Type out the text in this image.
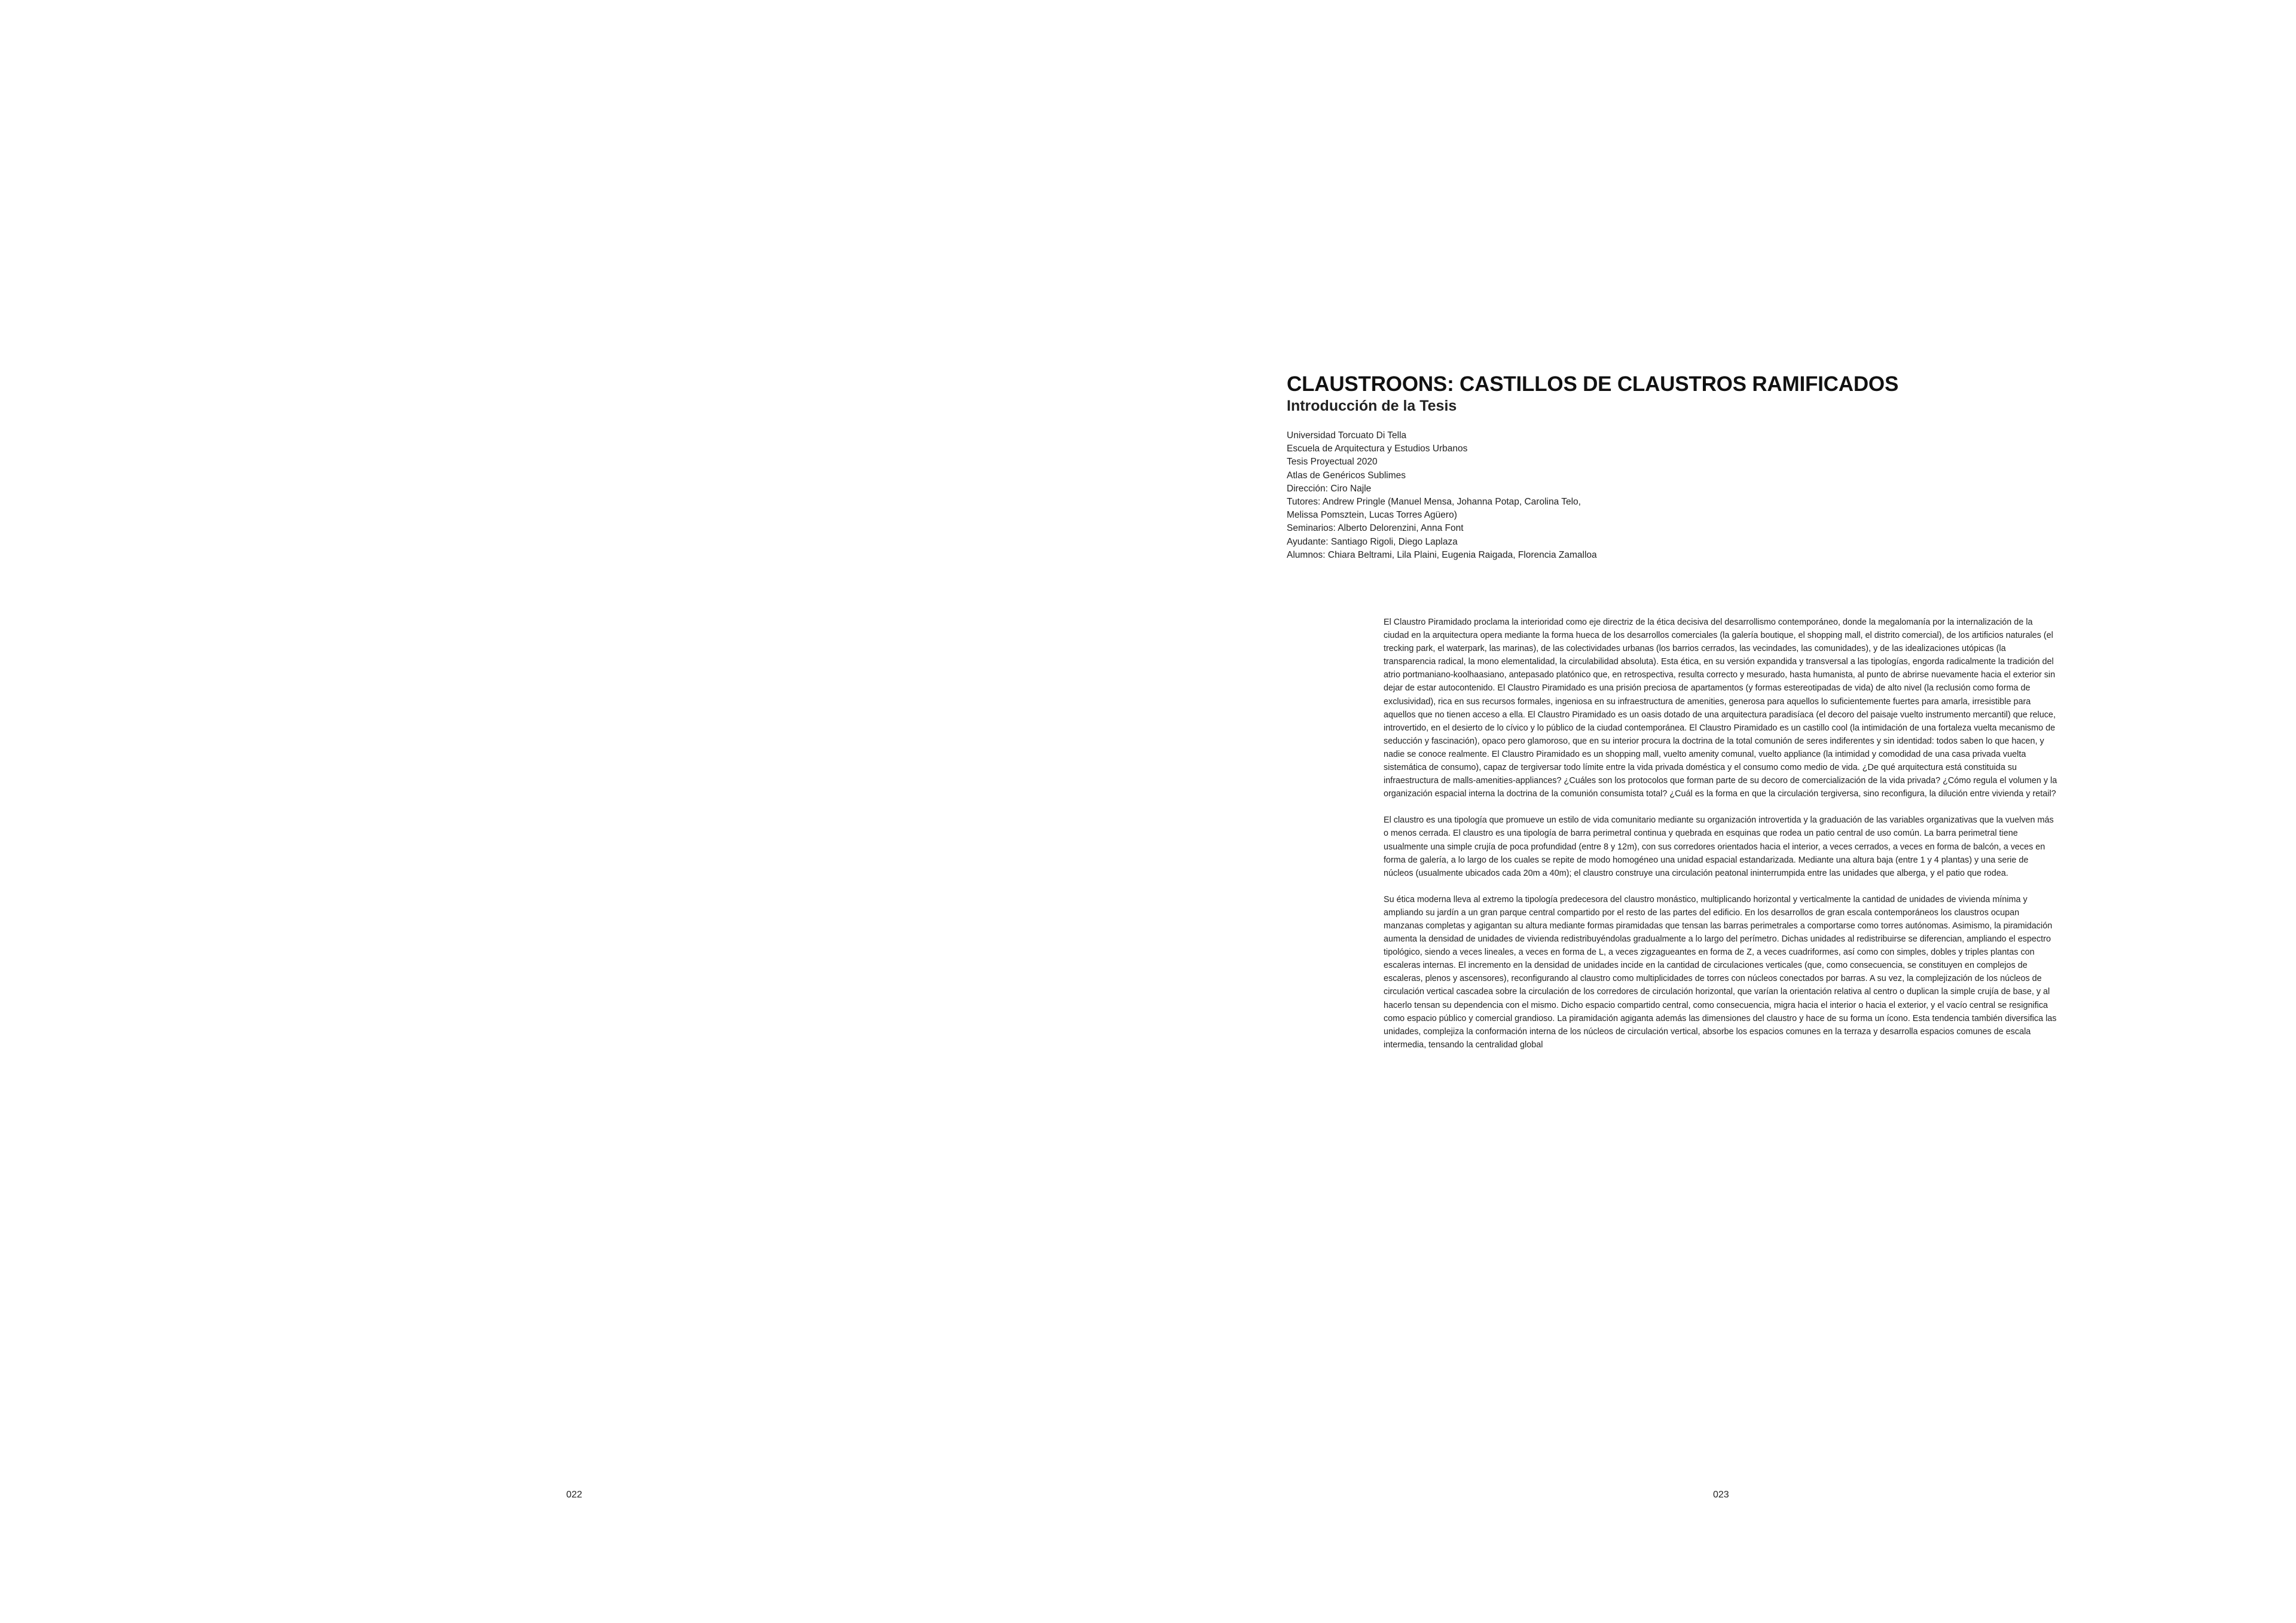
CLAUSTROONS: CASTILLOS DE CLAUSTROS RAMIFICADOS
Introducción de la Tesis
Universidad Torcuato Di Tella
Escuela de Arquitectura y Estudios Urbanos
Tesis Proyectual 2020
Atlas de Genéricos Sublimes
Dirección: Ciro Najle
Tutores: Andrew Pringle (Manuel Mensa, Johanna Potap, Carolina Telo,
Melissa Pomsztein, Lucas Torres Agüero)
Seminarios: Alberto Delorenzini, Anna Font
Ayudante: Santiago Rigoli, Diego Laplaza
Alumnos: Chiara Beltrami, Lila Plaini, Eugenia Raigada, Florencia Zamalloa

El Claustro Piramidado proclama la interioridad como eje directriz de la ética decisiva del desarrollismo contemporáneo, donde la megalomanía por la internalización de la ciudad en la arquitectura opera mediante la forma hueca de los desarrollos comerciales (la galería boutique, el shopping mall, el distrito comercial), de los artificios naturales (el trecking park, el waterpark, las marinas), de las colectividades urbanas (los barrios cerrados, las vecindades, las comunidades), y de las idealizaciones utópicas (la transparencia radical, la mono elementalidad, la circulabilidad absoluta). Esta ética, en su versión expandida y transversal a las tipologías, engorda radicalmente la tradición del atrio portmaniano-koolhaasiano, antepasado platónico que, en retrospectiva, resulta correcto y mesurado, hasta humanista, al punto de abrirse nuevamente hacia el exterior sin dejar de estar autocontenido. El Claustro Piramidado es una prisión preciosa de apartamentos (y formas estereotipadas de vida) de alto nivel (la reclusión como forma de exclusividad), rica en sus recursos formales, ingeniosa en su infraestructura de amenities, generosa para aquellos lo suficientemente fuertes para amarla, irresistible para aquellos que no tienen acceso a ella. El Claustro Piramidado es un oasis dotado de una arquitectura paradisíaca (el decoro del paisaje vuelto instrumento mercantil) que reluce, introvertido, en el desierto de lo cívico y lo público de la ciudad contemporánea. El Claustro Piramidado es un castillo cool (la intimidación de una fortaleza vuelta mecanismo de seducción y fascinación), opaco pero glamoroso, que en su interior procura la doctrina de la total comunión de seres indiferentes y sin identidad: todos saben lo que hacen, y nadie se conoce realmente. El Claustro Piramidado es un shopping mall, vuelto amenity comunal, vuelto appliance (la intimidad y comodidad de una casa privada vuelta sistemática de consumo), capaz de tergiversar todo límite entre la vida privada doméstica y el consumo como medio de vida. ¿De qué arquitectura está constituida su infraestructura de malls-amenities-appliances? ¿Cuáles son los protocolos que forman parte de su decoro de comercialización de la vida privada? ¿Cómo regula el volumen y la organización espacial interna la doctrina de la comunión consumista total? ¿Cuál es la forma en que la circulación tergiversa, sino reconfigura, la dilución entre vivienda y retail?

El claustro es una tipología que promueve un estilo de vida comunitario mediante su organización introvertida y la graduación de las variables organizativas que la vuelven más o menos cerrada. El claustro es una tipología de barra perimetral continua y quebrada en esquinas que rodea un patio central de uso común. La barra perimetral tiene usualmente una simple crujía de poca profundidad (entre 8 y 12m), con sus corredores orientados hacia el interior, a veces cerrados, a veces en forma de balcón, a veces en forma de galería, a lo largo de los cuales se repite de modo homogéneo una unidad espacial estandarizada. Mediante una altura baja (entre 1 y 4 plantas) y una serie de núcleos (usualmente ubicados cada 20m a 40m); el claustro construye una circulación peatonal ininterrumpida entre las unidades que alberga, y el patio que rodea.

Su ética moderna lleva al extremo la tipología predecesora del claustro monástico, multiplicando horizontal y verticalmente la cantidad de unidades de vivienda mínima y ampliando su jardín a un gran parque central compartido por el resto de las partes del edificio. En los desarrollos de gran escala contemporáneos los claustros ocupan manzanas completas y agigantan su altura mediante formas piramidadas que tensan las barras perimetrales a comportarse como torres autónomas. Asimismo, la piramidación aumenta la densidad de unidades de vivienda redistribuyéndolas gradualmente a lo largo del perímetro. Dichas unidades al redistribuirse se diferencian, ampliando el espectro tipológico, siendo a veces lineales, a veces en forma de L, a veces zigzagueantes en forma de Z, a veces cuadriformes, así como con simples, dobles y triples plantas con escaleras internas. El incremento en la densidad de unidades incide en la cantidad de circulaciones verticales (que, como consecuencia, se constituyen en complejos de escaleras, plenos y ascensores), reconfigurando al claustro como multiplicidades de torres con núcleos conectados por barras. A su vez, la complejización de los núcleos de circulación vertical cascadea sobre la circulación de los corredores de circulación horizontal, que varían la orientación relativa al centro o duplican la simple crujía de base, y al hacerlo tensan su dependencia con el mismo. Dicho espacio compartido central, como consecuencia, migra hacia el interior o hacia el exterior, y el vacío central se resignifica como espacio público y comercial grandioso. La piramidación agiganta además las dimensiones del claustro y hace de su forma un ícono. Esta tendencia también diversifica las unidades, complejiza la conformación interna de los núcleos de circulación vertical, absorbe los espacios comunes en la terraza y desarrolla espacios comunes de escala intermedia, tensando la centralidad global

022	023
